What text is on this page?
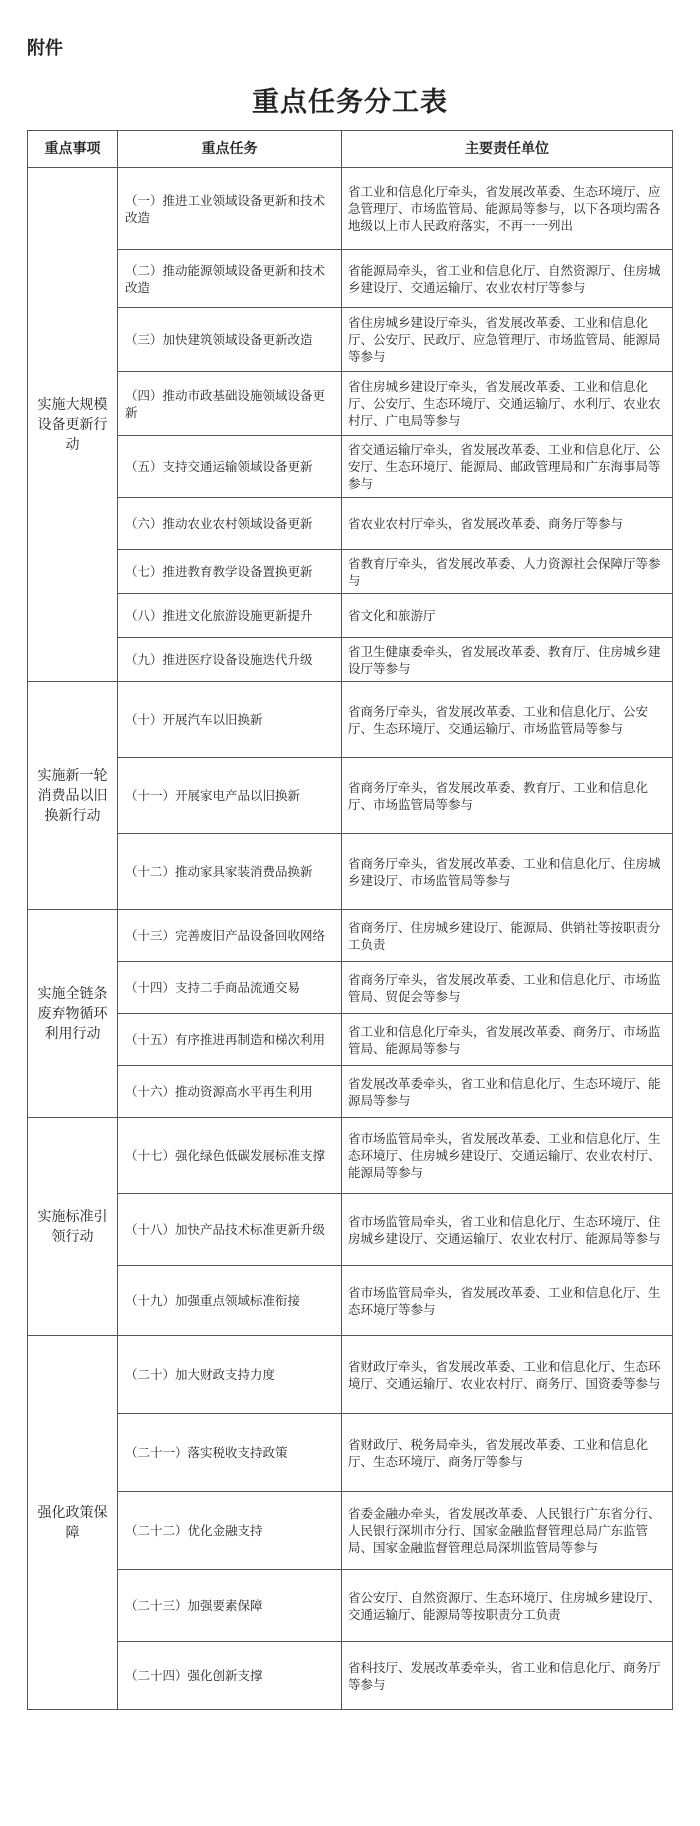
附件
重点任务分工表
重点事项	重点任务	主要责任单位
实施大规模设备更新行动	（一）推进工业领域设备更新和技术改造	省工业和信息化厅牵头，省发展改革委、生态环境厅、应急管理厅、市场监管局、能源局等参与，以下各项均需各地级以上市人民政府落实，不再一一列出
	（二）推动能源领域设备更新和技术改造	省能源局牵头，省工业和信息化厅、自然资源厅、住房城乡建设厅、交通运输厅、农业农村厅等参与
	（三）加快建筑领域设备更新改造	省住房城乡建设厅牵头，省发展改革委、工业和信息化厅、公安厅、民政厅、应急管理厅、市场监管局、能源局等参与
	（四）推动市政基础设施领域设备更新	省住房城乡建设厅牵头，省发展改革委、工业和信息化厅、公安厅、生态环境厅、交通运输厅、水利厅、农业农村厅、广电局等参与
	（五）支持交通运输领域设备更新	省交通运输厅牵头，省发展改革委、工业和信息化厅、公安厅、生态环境厅、能源局、邮政管理局和广东海事局等参与
	（六）推动农业农村领域设备更新	省农业农村厅牵头，省发展改革委、商务厅等参与
	（七）推进教育教学设备置换更新	省教育厅牵头，省发展改革委、人力资源社会保障厅等参与
	（八）推进文化旅游设施更新提升	省文化和旅游厅
	（九）推进医疗设备设施迭代升级	省卫生健康委牵头，省发展改革委、教育厅、住房城乡建设厅等参与
实施新一轮消费品以旧换新行动	（十）开展汽车以旧换新	省商务厅牵头，省发展改革委、工业和信息化厅、公安厅、生态环境厅、交通运输厅、市场监管局等参与
	（十一）开展家电产品以旧换新	省商务厅牵头，省发展改革委、教育厅、工业和信息化厅、市场监管局等参与
	（十二）推动家具家装消费品换新	省商务厅牵头，省发展改革委、工业和信息化厅、住房城乡建设厅、市场监管局等参与
实施全链条废弃物循环利用行动	（十三）完善废旧产品设备回收网络	省商务厅、住房城乡建设厅、能源局、供销社等按职责分工负责
	（十四）支持二手商品流通交易	省商务厅牵头，省发展改革委、工业和信息化厅、市场监管局、贸促会等参与
	（十五）有序推进再制造和梯次利用	省工业和信息化厅牵头，省发展改革委、商务厅、市场监管局、能源局等参与
	（十六）推动资源高水平再生利用	省发展改革委牵头，省工业和信息化厅、生态环境厅、能源局等参与
实施标准引领行动	（十七）强化绿色低碳发展标准支撑	省市场监管局牵头，省发展改革委、工业和信息化厅、生态环境厅、住房城乡建设厅、交通运输厅、农业农村厅、能源局等参与
	（十八）加快产品技术标准更新升级	省市场监管局牵头，省工业和信息化厅、生态环境厅、住房城乡建设厅、交通运输厅、农业农村厅、能源局等参与
	（十九）加强重点领域标准衔接	省市场监管局牵头，省发展改革委、工业和信息化厅、生态环境厅等参与
强化政策保障	（二十）加大财政支持力度	省财政厅牵头，省发展改革委、工业和信息化厅、生态环境厅、交通运输厅、农业农村厅、商务厅、国资委等参与
	（二十一）落实税收支持政策	省财政厅、税务局牵头，省发展改革委、工业和信息化厅、生态环境厅、商务厅等参与
	（二十二）优化金融支持	省委金融办牵头，省发展改革委、人民银行广东省分行、人民银行深圳市分行、国家金融监督管理总局广东监管局、国家金融监督管理总局深圳监管局等参与
	（二十三）加强要素保障	省公安厅、自然资源厅、生态环境厅、住房城乡建设厅、交通运输厅、能源局等按职责分工负责
	（二十四）强化创新支撑	省科技厅、发展改革委牵头，省工业和信息化厅、商务厅等参与
